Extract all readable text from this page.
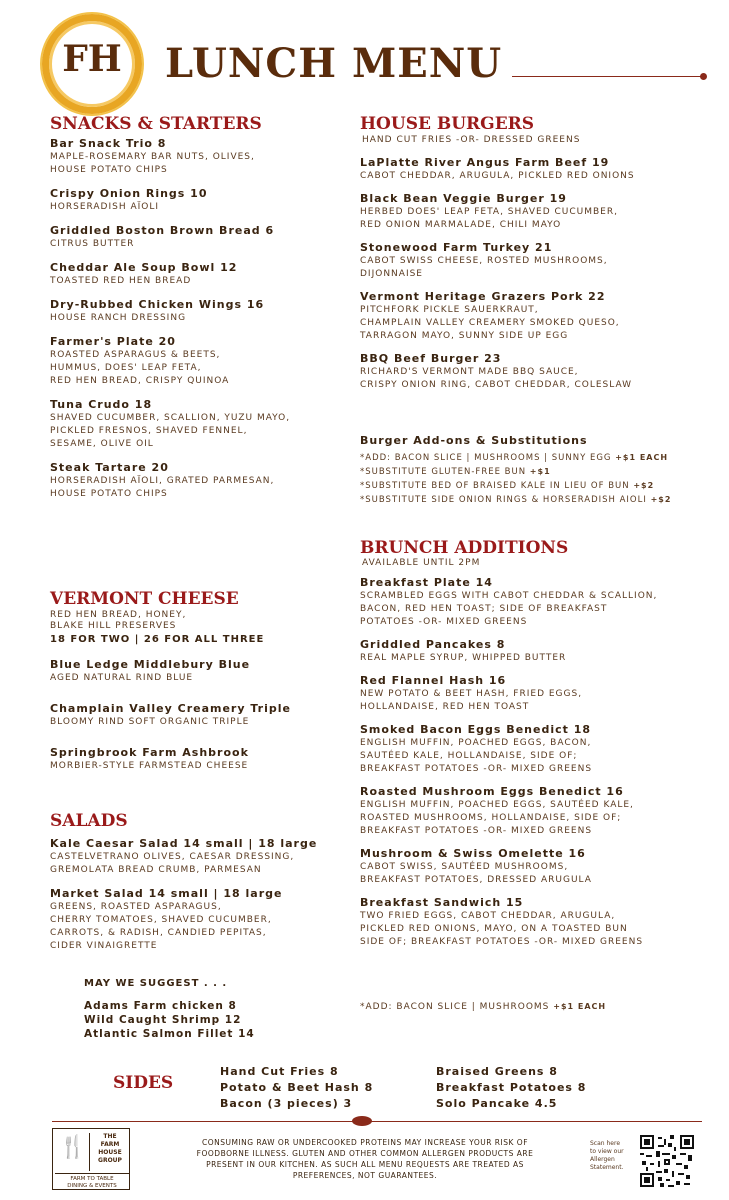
FH	LUNCH MENU
SNACKS & STARTERS
Bar Snack Trio 8
MAPLE-ROSEMARY BAR NUTS, OLIVES,
HOUSE POTATO CHIPS
Crispy Onion Rings 10
HORSERADISH AÏOLI
Griddled Boston Brown Bread 6
CITRUS BUTTER
Cheddar Ale Soup Bowl 12
TOASTED RED HEN BREAD
Dry-Rubbed Chicken Wings 16
HOUSE RANCH DRESSING
Farmer's Plate 20
ROASTED ASPARAGUS & BEETS,
HUMMUS, DOES' LEAP FETA,
RED HEN BREAD, CRISPY QUINOA
Tuna Crudo 18
SHAVED CUCUMBER, SCALLION, YUZU MAYO,
PICKLED FRESNOS, SHAVED FENNEL,
SESAME, OLIVE OIL
Steak Tartare 20
HORSERADISH AÏOLI, GRATED PARMESAN,
HOUSE POTATO CHIPS
VERMONT CHEESE
RED HEN BREAD, HONEY,
BLAKE HILL PRESERVES
18 FOR TWO | 26 FOR ALL THREE
Blue Ledge Middlebury Blue
AGED NATURAL RIND BLUE
Champlain Valley Creamery Triple
BLOOMY RIND SOFT ORGANIC TRIPLE
Springbrook Farm Ashbrook
MORBIER-STYLE FARMSTEAD CHEESE
SALADS
Kale Caesar Salad 14 small | 18 large
CASTELVETRANO OLIVES, CAESAR DRESSING,
GREMOLATA BREAD CRUMB, PARMESAN
Market Salad 14 small | 18 large
GREENS, ROASTED ASPARAGUS,
CHERRY TOMATOES, SHAVED CUCUMBER,
CARROTS, & RADISH, CANDIED PEPITAS,
CIDER VINAIGRETTE
MAY WE SUGGEST . . .
Adams Farm chicken 8
Wild Caught Shrimp 12
Atlantic Salmon Fillet 14
HOUSE BURGERS
HAND CUT FRIES -OR- DRESSED GREENS
LaPlatte River Angus Farm Beef 19
CABOT CHEDDAR, ARUGULA, PICKLED RED ONIONS
Black Bean Veggie Burger 19
HERBED DOES' LEAP FETA, SHAVED CUCUMBER,
RED ONION MARMALADE, CHILI MAYO
Stonewood Farm Turkey 21
CABOT SWISS CHEESE, ROSTED MUSHROOMS,
DIJONNAISE
Vermont Heritage Grazers Pork 22
PITCHFORK PICKLE SAUERKRAUT,
CHAMPLAIN VALLEY CREAMERY SMOKED QUESO,
TARRAGON MAYO, SUNNY SIDE UP EGG
BBQ Beef Burger 23
RICHARD'S VERMONT MADE BBQ SAUCE,
CRISPY ONION RING, CABOT CHEDDAR, COLESLAW
Burger Add-ons & Substitutions
*ADD: BACON SLICE | MUSHROOMS | SUNNY EGG +$1 EACH
*SUBSTITUTE GLUTEN-FREE BUN +$1
*SUBSTITUTE BED OF BRAISED KALE IN LIEU OF BUN +$2
*SUBSTITUTE SIDE ONION RINGS & HORSERADISH AIOLI +$2
BRUNCH ADDITIONS
AVAILABLE UNTIL 2PM
Breakfast Plate 14
SCRAMBLED EGGS WITH CABOT CHEDDAR & SCALLION,
BACON, RED HEN TOAST; SIDE OF BREAKFAST
POTATOES -OR- MIXED GREENS
Griddled Pancakes 8
REAL MAPLE SYRUP, WHIPPED BUTTER
Red Flannel Hash 16
NEW POTATO & BEET HASH, FRIED EGGS,
HOLLANDAISE, RED HEN TOAST
Smoked Bacon Eggs Benedict 18
ENGLISH MUFFIN, POACHED EGGS, BACON,
SAUTÉED KALE, HOLLANDAISE, SIDE OF;
BREAKFAST POTATOES -OR- MIXED GREENS
Roasted Mushroom Eggs Benedict 16
ENGLISH MUFFIN, POACHED EGGS, SAUTÉED KALE,
ROASTED MUSHROOMS, HOLLANDAISE, SIDE OF;
BREAKFAST POTATOES -OR- MIXED GREENS
Mushroom & Swiss Omelette 16
CABOT SWISS, SAUTÉED MUSHROOMS,
BREAKFAST POTATOES, DRESSED ARUGULA
Breakfast Sandwich 15
TWO FRIED EGGS, CABOT CHEDDAR, ARUGULA,
PICKLED RED ONIONS, MAYO, ON A TOASTED BUN
SIDE OF; BREAKFAST POTATOES -OR- MIXED GREENS
*ADD: BACON SLICE | MUSHROOMS +$1 EACH
SIDES
Hand Cut Fries 8
Potato & Beet Hash 8
Bacon (3 pieces) 3
Braised Greens 8
Breakfast Potatoes 8
Solo Pancake 4.5
🍴	THE
FARM
HOUSE
GROUP
FARM TO TABLE
DINING & EVENTS
CONSUMING RAW OR UNDERCOOKED PROTEINS MAY INCREASE YOUR RISK OF
FOODBORNE ILLNESS. GLUTEN AND OTHER COMMON ALLERGEN PRODUCTS ARE
PRESENT IN OUR KITCHEN. AS SUCH ALL MENU REQUESTS ARE TREATED AS
PREFERENCES, NOT GUARANTEES.
Scan here
to view our
Allergen
Statement.
